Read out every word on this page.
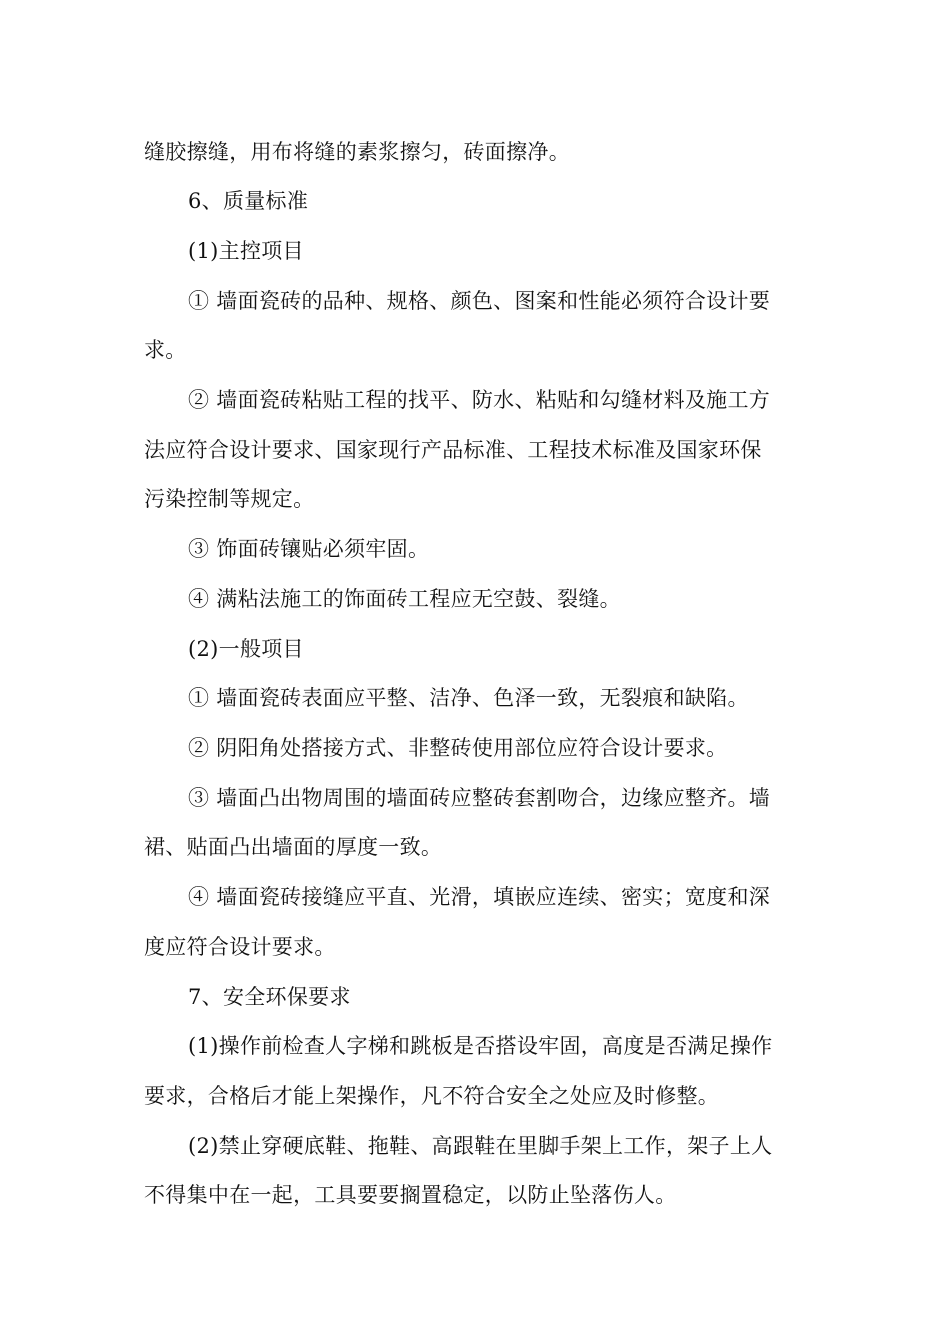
缝胶擦缝，用布将缝的素浆擦匀，砖面擦净。
6、质量标准
(1)主控项目
① 墙面瓷砖的品种、规格、颜色、图案和性能必须符合设计要
求。
② 墙面瓷砖粘贴工程的找平、防水、粘贴和勾缝材料及施工方
法应符合设计要求、国家现行产品标准、工程技术标准及国家环保
污染控制等规定。
③ 饰面砖镶贴必须牢固。
④ 满粘法施工的饰面砖工程应无空鼓、裂缝。
(2)一般项目
① 墙面瓷砖表面应平整、洁净、色泽一致，无裂痕和缺陷。
② 阴阳角处搭接方式、非整砖使用部位应符合设计要求。
③ 墙面凸出物周围的墙面砖应整砖套割吻合，边缘应整齐。墙
裙、贴面凸出墙面的厚度一致。
④ 墙面瓷砖接缝应平直、光滑，填嵌应连续、密实；宽度和深
度应符合设计要求。
7、安全环保要求
(1)操作前检查人字梯和跳板是否搭设牢固，高度是否满足操作
要求，合格后才能上架操作，凡不符合安全之处应及时修整。
(2)禁止穿硬底鞋、拖鞋、高跟鞋在里脚手架上工作，架子上人
不得集中在一起，工具要要搁置稳定，以防止坠落伤人。
